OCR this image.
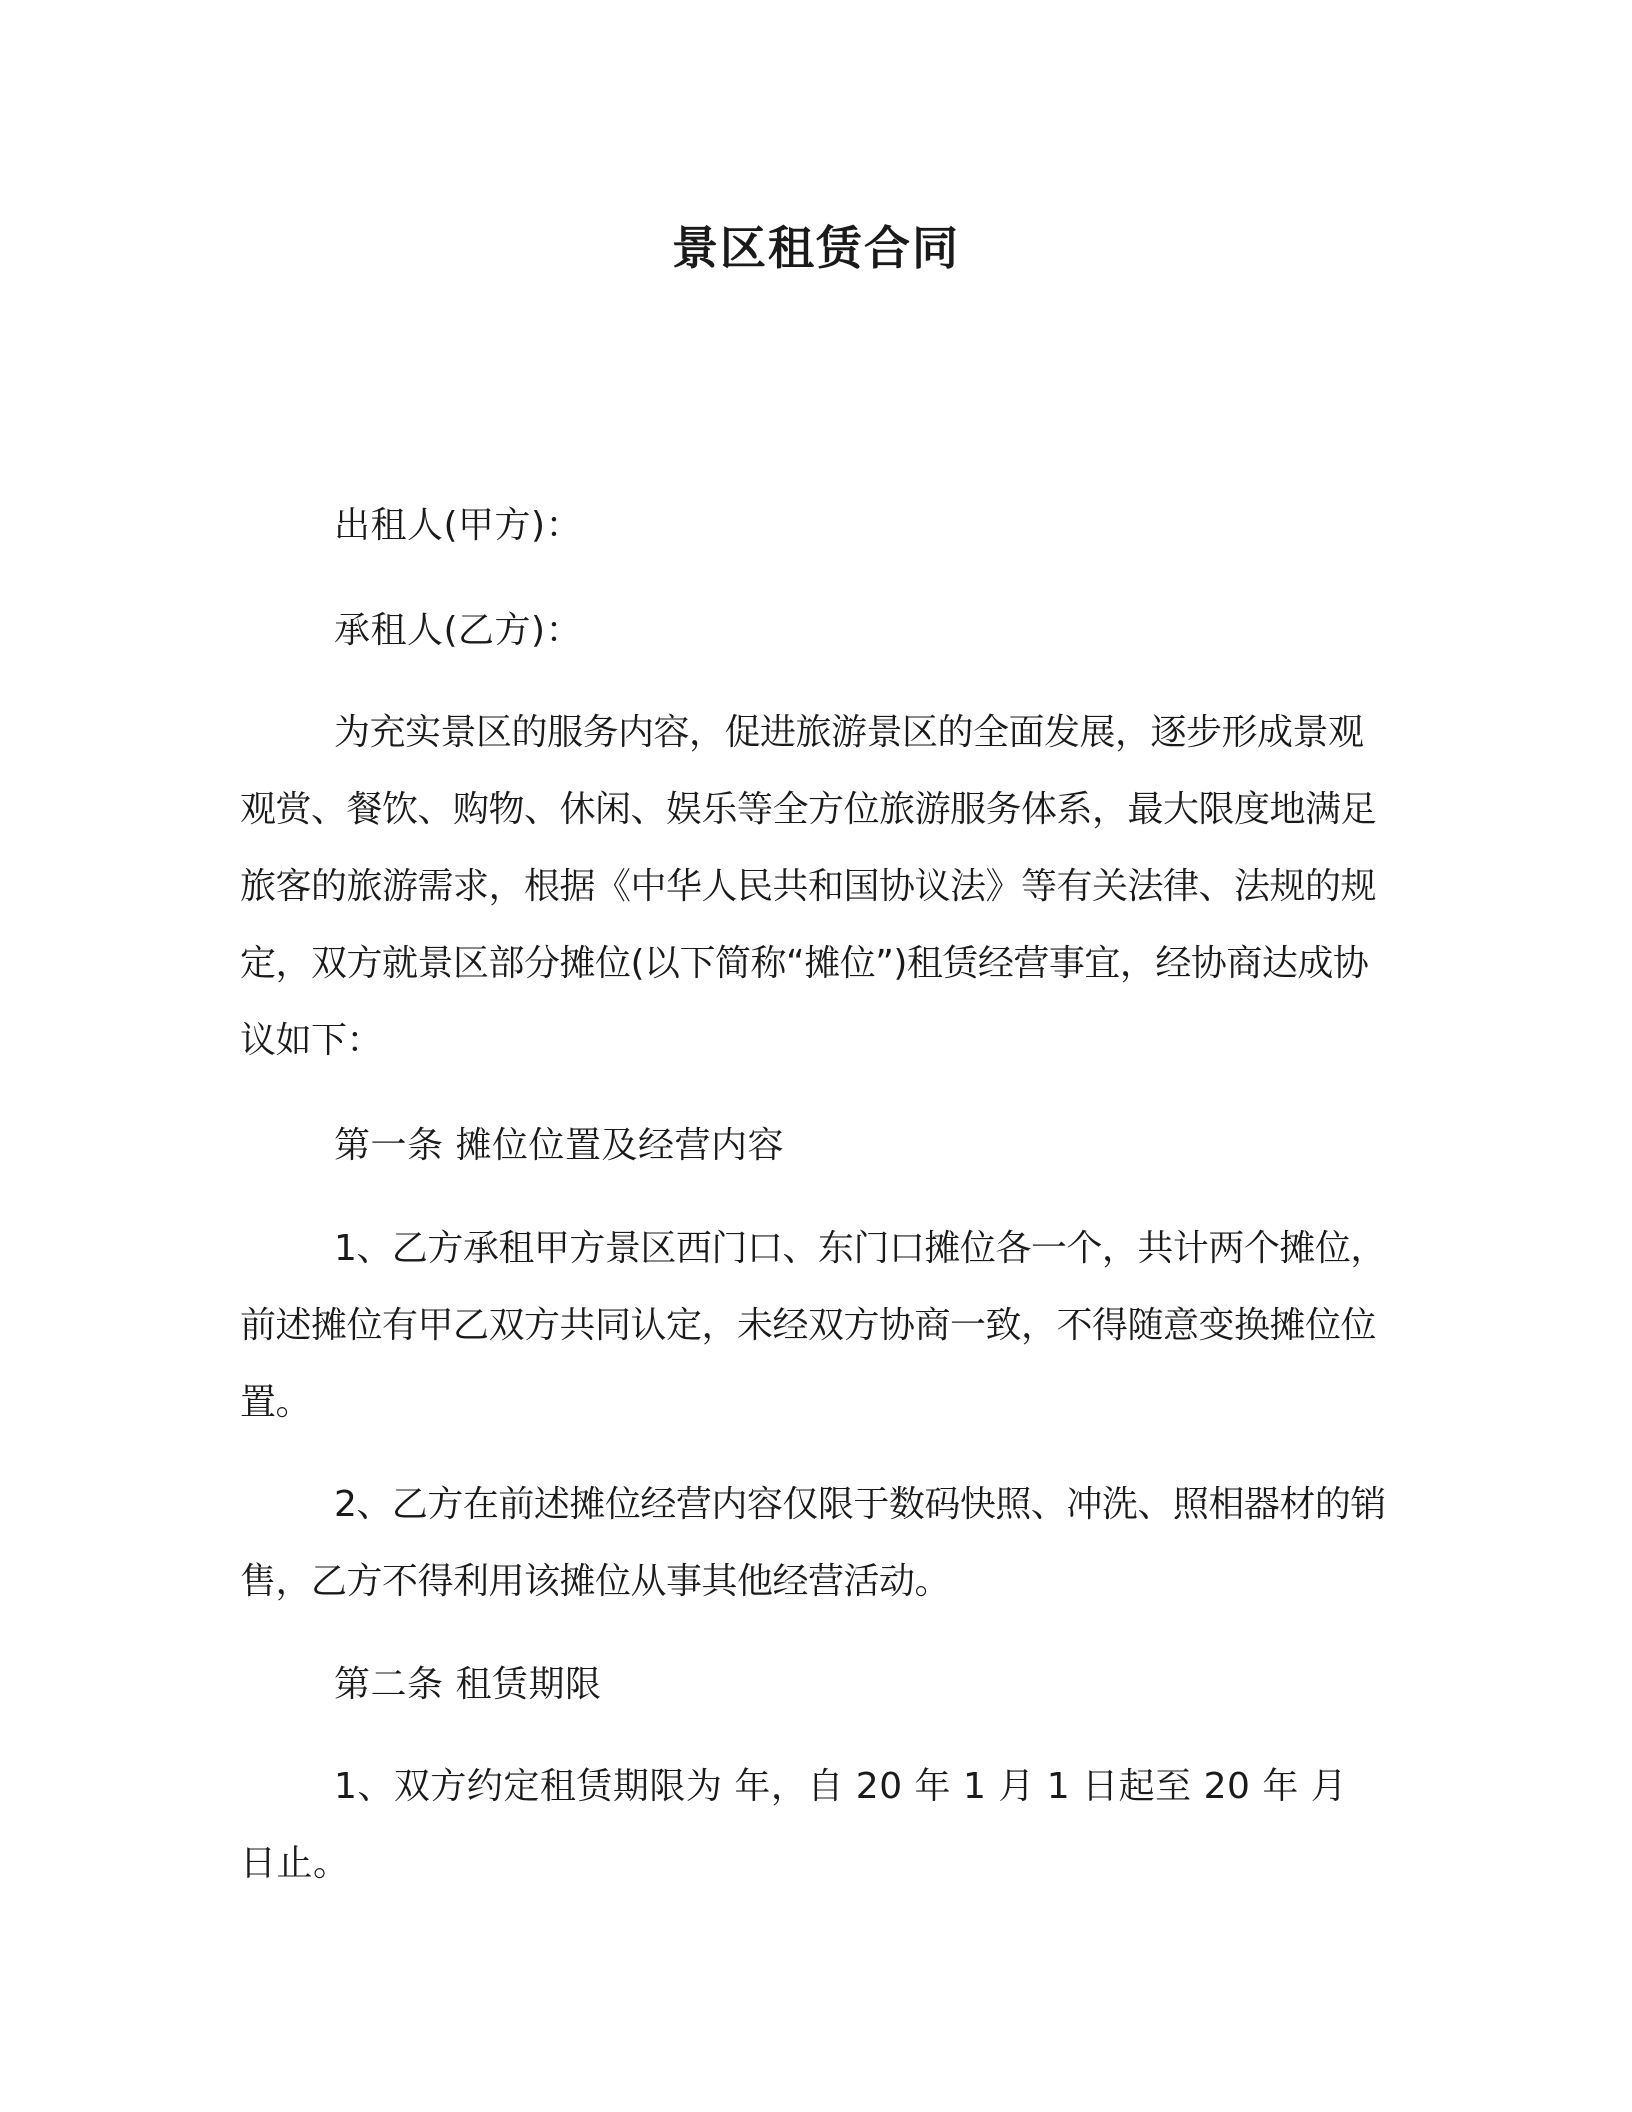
景区租赁合同

出租人(甲方)：

承租人(乙方)：

为充实景区的服务内容，促进旅游景区的全面发展，逐步形成景观观赏、餐饮、购物、休闲、娱乐等全方位旅游服务体系，最大限度地满足旅客的旅游需求，根据《中华人民共和国协议法》等有关法律、法规的规定，双方就景区部分摊位(以下简称“摊位”)租赁经营事宜，经协商达成协议如下：

第一条 摊位位置及经营内容

1、乙方承租甲方景区西门口、东门口摊位各一个，共计两个摊位，前述摊位有甲乙双方共同认定，未经双方协商一致，不得随意变换摊位位置。

2、乙方在前述摊位经营内容仅限于数码快照、冲洗、照相器材的销售，乙方不得利用该摊位从事其他经营活动。

第二条 租赁期限

1、双方约定租赁期限为 年，自 20 年 1 月 1 日起至 20 年 月 日止。
